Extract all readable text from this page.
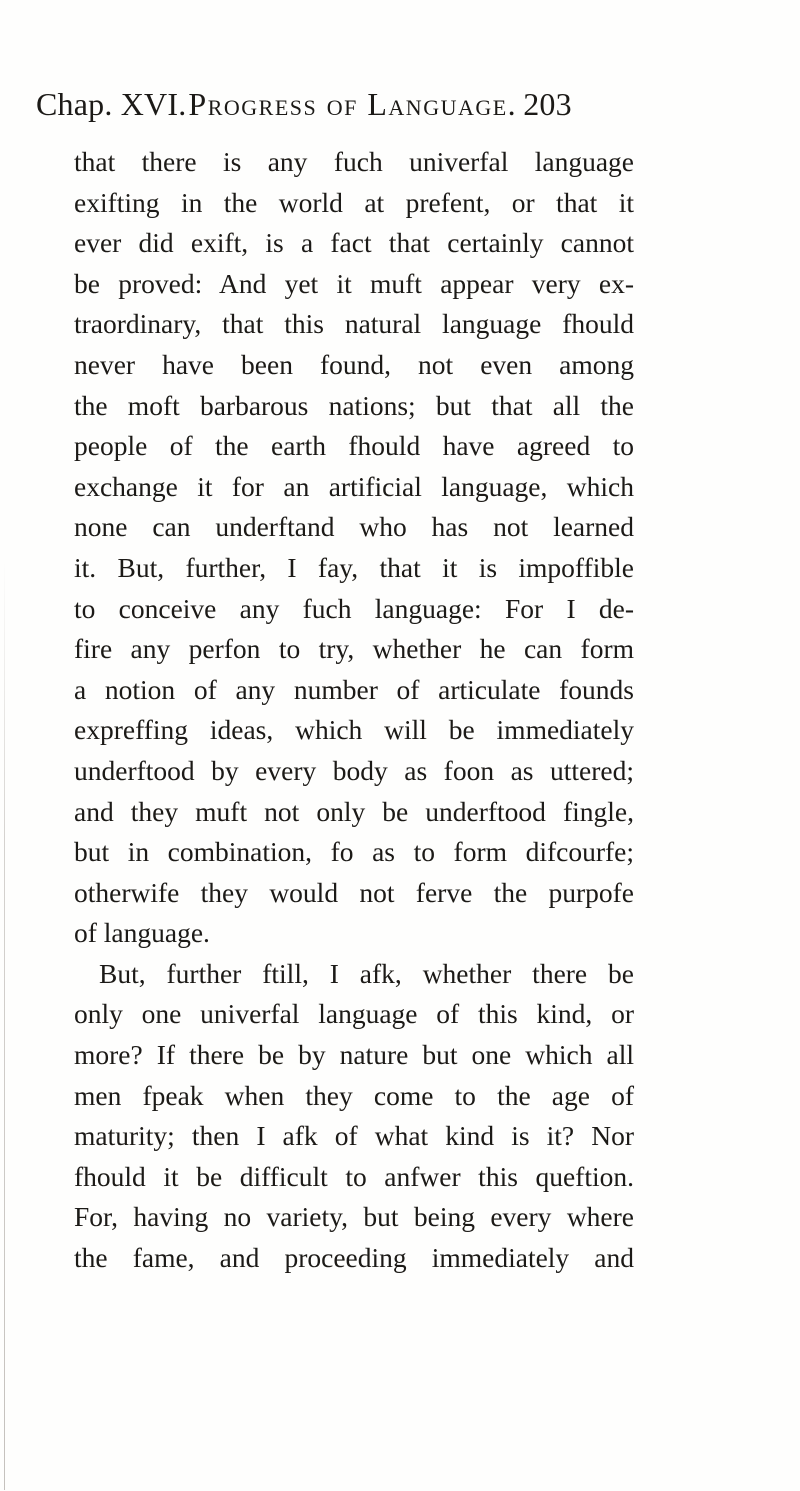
Chap. XVI.Progress of Language. 203
that there is any fuch univerfal language
exifting in the world at prefent, or that it
ever did exift, is a fact that certainly cannot
be proved: And yet it muft appear very ex-
traordinary, that this natural language fhould
never have been found, not even among
the moft barbarous nations; but that all the
people of the earth fhould have agreed to
exchange it for an artificial language, which
none can underftand who has not learned
it. But, further, I fay, that it is impoffible
to conceive any fuch language: For I de-
fire any perfon to try, whether he can form
a notion of any number of articulate founds
expreffing ideas, which will be immediately
underftood by every body as foon as uttered;
and they muft not only be underftood fingle,
but in combination, fo as to form difcourfe;
otherwife they would not ferve the purpofe
of language.
But, further ftill, I afk, whether there be
only one univerfal language of this kind, or
more? If there be by nature but one which all
men fpeak when they come to the age of
maturity; then I afk of what kind is it? Nor
fhould it be difficult to anfwer this queftion.
For, having no variety, but being every where
the fame, and proceeding immediately and
